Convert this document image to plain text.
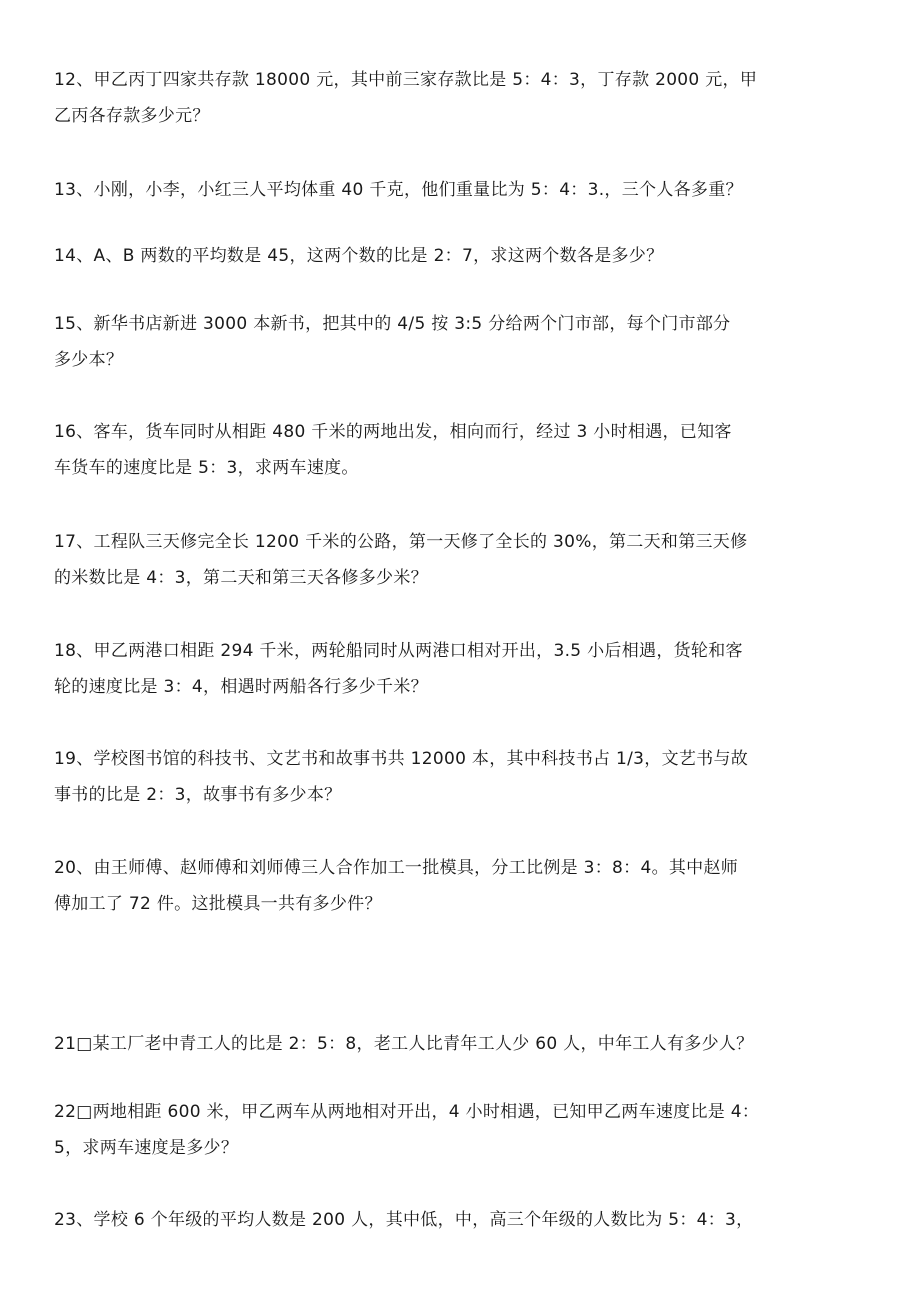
12、甲乙丙丁四家共存款 18000 元，其中前三家存款比是 5：4：3，丁存款 2000 元，甲
乙丙各存款多少元？
13、小刚，小李，小红三人平均体重 40 千克，他们重量比为 5：4：3.，三个人各多重？
14、A、B 两数的平均数是 45，这两个数的比是 2：7，求这两个数各是多少？
15、新华书店新进 3000 本新书，把其中的 4/5 按 3:5 分给两个门市部，每个门市部分
多少本？
16、客车，货车同时从相距 480 千米的两地出发，相向而行，经过 3 小时相遇，已知客
车货车的速度比是 5：3，求两车速度。
17、工程队三天修完全长 1200 千米的公路，第一天修了全长的 30%，第二天和第三天修
的米数比是 4：3，第二天和第三天各修多少米？
18、甲乙两港口相距 294 千米，两轮船同时从两港口相对开出，3.5 小后相遇，货轮和客
轮的速度比是 3：4，相遇时两船各行多少千米？
19、学校图书馆的科技书、文艺书和故事书共 12000 本，其中科技书占 1/3，文艺书与故
事书的比是 2：3，故事书有多少本？
20、由王师傅、赵师傅和刘师傅三人合作加工一批模具，分工比例是 3：8：4。其中赵师
傅加工了 72 件。这批模具一共有多少件？
21□某工厂老中青工人的比是 2：5：8，老工人比青年工人少 60 人，中年工人有多少人？
22□两地相距 600 米，甲乙两车从两地相对开出，4 小时相遇，已知甲乙两车速度比是 4：
5，求两车速度是多少？
23、学校 6 个年级的平均人数是 200 人，其中低，中，高三个年级的人数比为 5：4：3，
